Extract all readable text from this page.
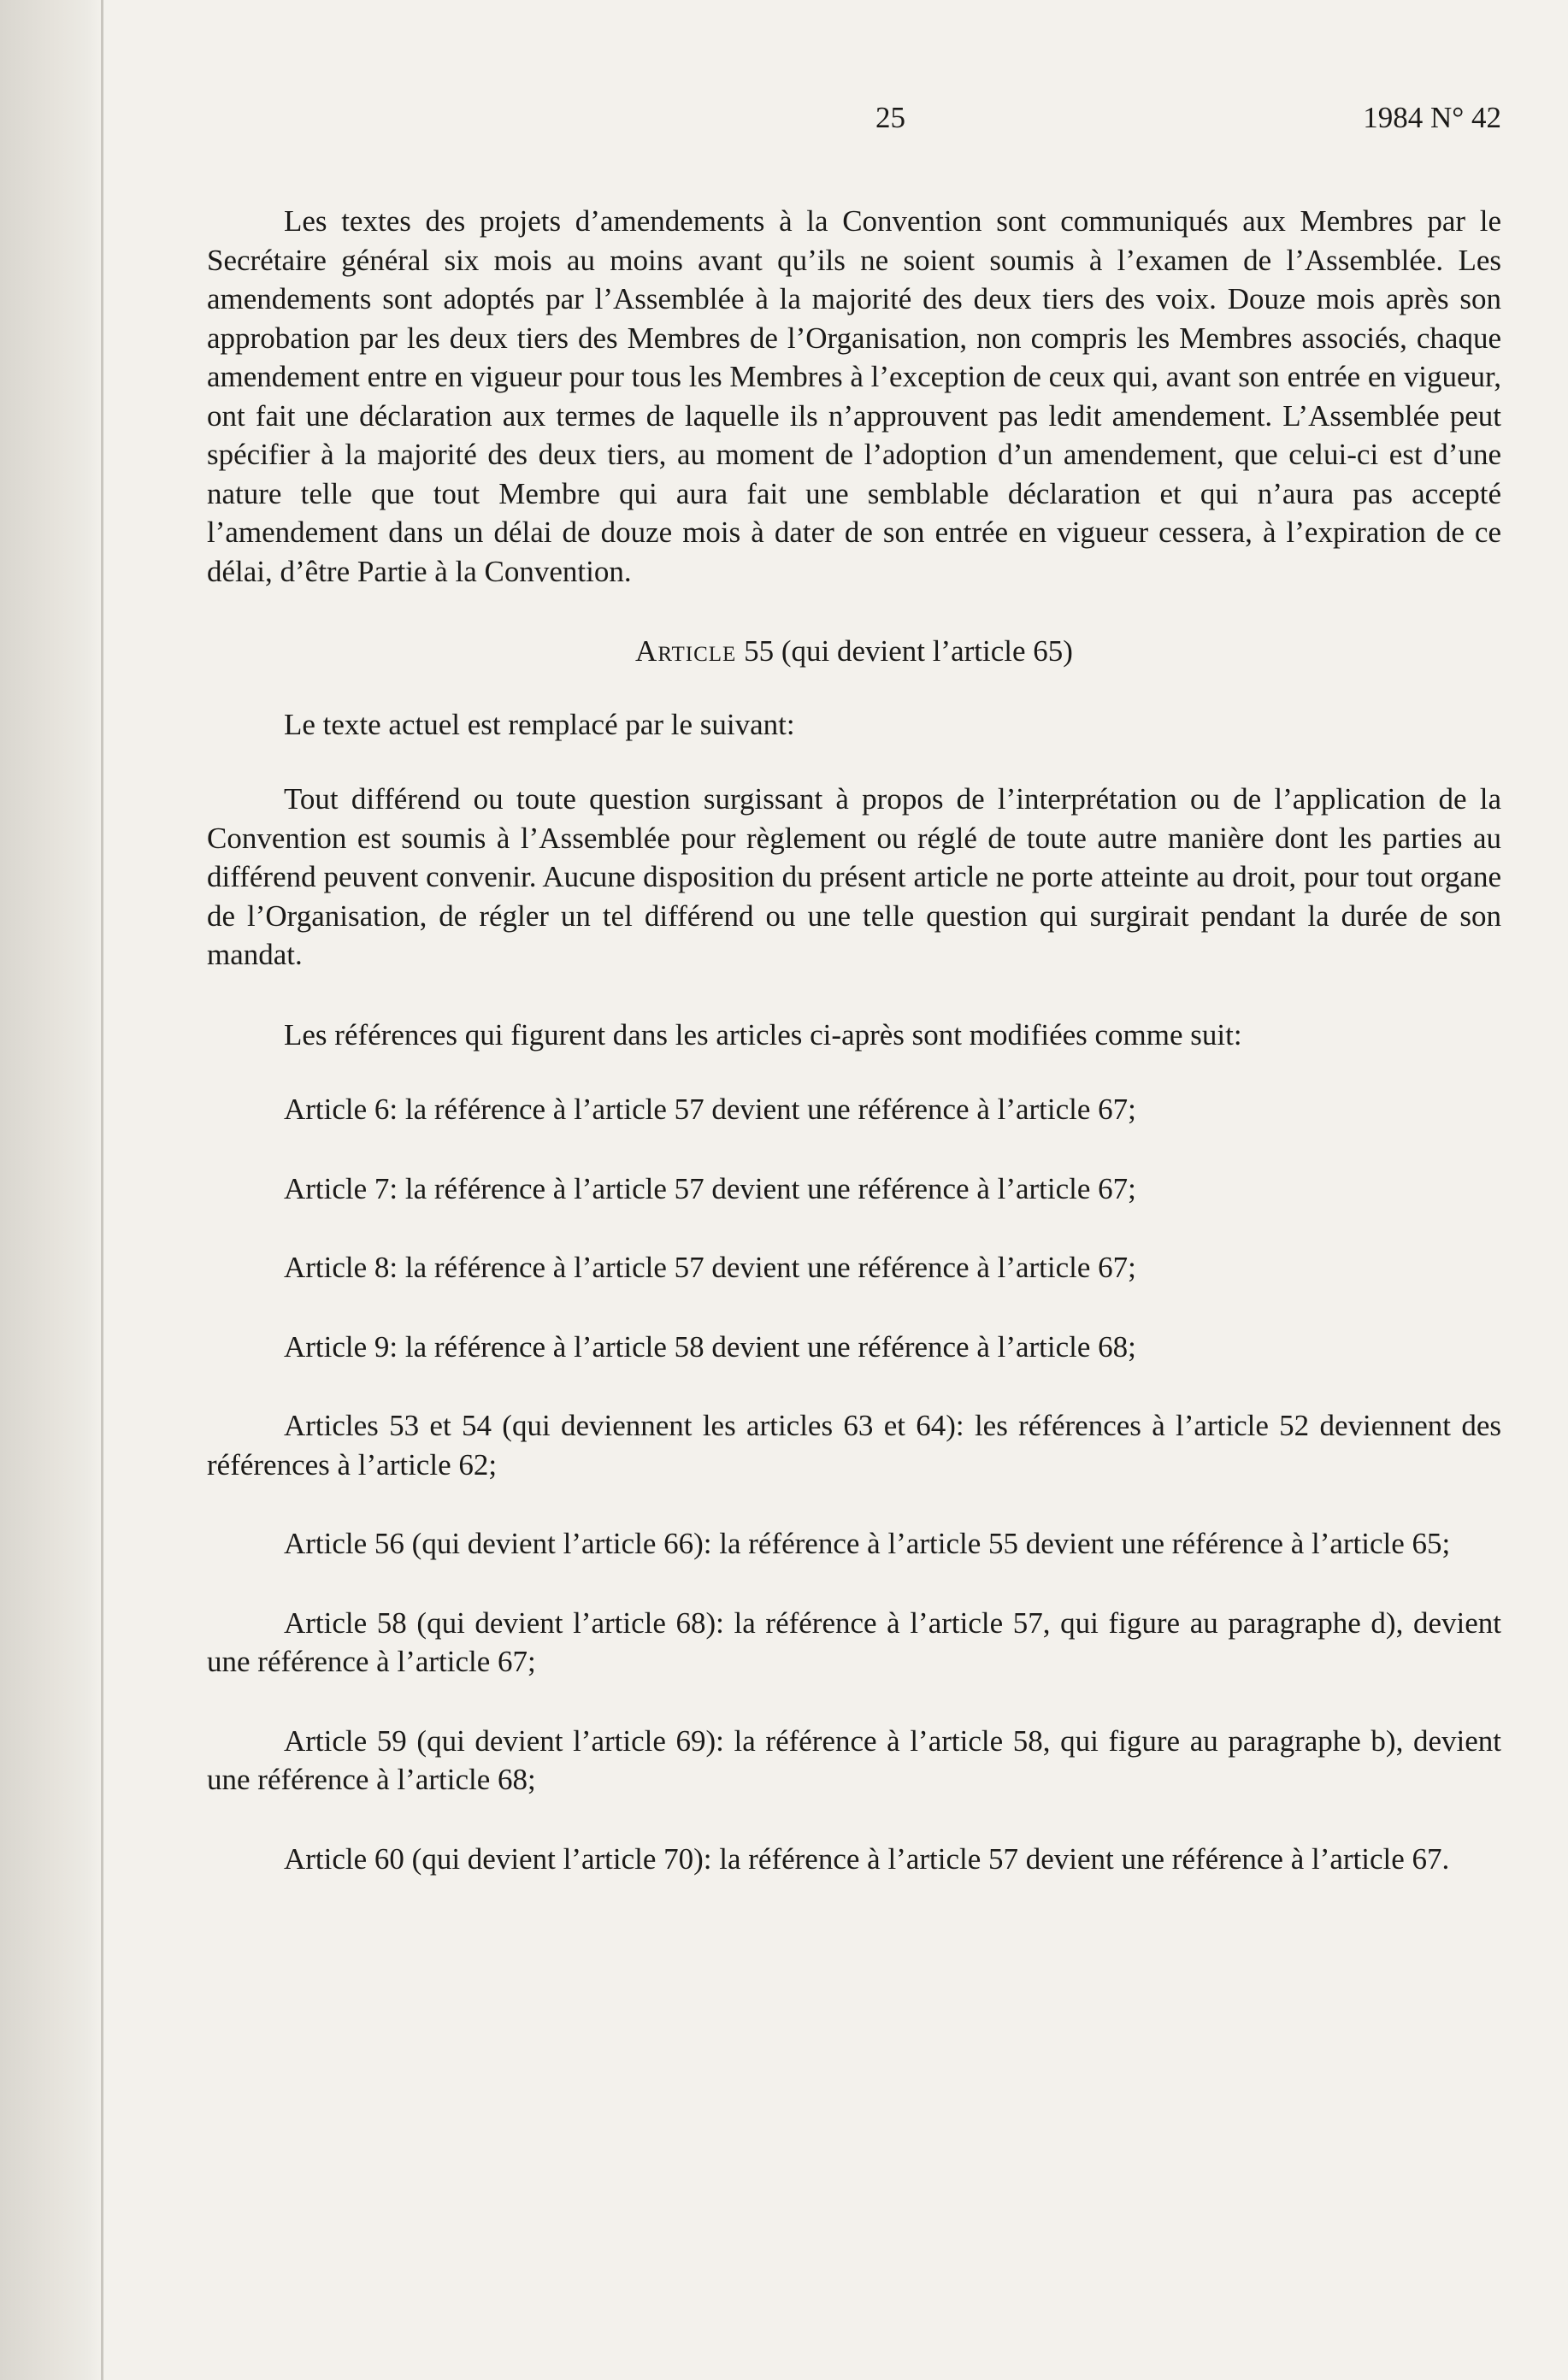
25	1984 N° 42

Les textes des projets d’amendements à la Convention sont communiqués aux Membres par le Secrétaire général six mois au moins avant qu’ils ne soient soumis à l’examen de l’Assemblée. Les amendements sont adoptés par l’Assemblée à la majorité des deux tiers des voix. Douze mois après son approbation par les deux tiers des Membres de l’Organisation, non compris les Membres associés, chaque amendement entre en vigueur pour tous les Membres à l’exception de ceux qui, avant son entrée en vigueur, ont fait une déclaration aux termes de laquelle ils n’approuvent pas ledit amendement. L’Assemblée peut spécifier à la majorité des deux tiers, au moment de l’adoption d’un amendement, que celui-ci est d’une nature telle que tout Membre qui aura fait une semblable déclaration et qui n’aura pas accepté l’amendement dans un délai de douze mois à dater de son entrée en vigueur cessera, à l’expiration de ce délai, d’être Partie à la Convention.

Article 55 (qui devient l’article 65)

Le texte actuel est remplacé par le suivant:

Tout différend ou toute question surgissant à propos de l’interprétation ou de l’application de la Convention est soumis à l’Assemblée pour règlement ou réglé de toute autre manière dont les parties au différend peuvent convenir. Aucune disposition du présent article ne porte atteinte au droit, pour tout organe de l’Organisation, de régler un tel différend ou une telle question qui surgirait pendant la durée de son mandat.

Les références qui figurent dans les articles ci-après sont modifiées comme suit:

Article 6: la référence à l’article 57 devient une référence à l’article 67;

Article 7: la référence à l’article 57 devient une référence à l’article 67;

Article 8: la référence à l’article 57 devient une référence à l’article 67;

Article 9: la référence à l’article 58 devient une référence à l’article 68;

Articles 53 et 54 (qui deviennent les articles 63 et 64): les références à l’article 52 deviennent des références à l’article 62;

Article 56 (qui devient l’article 66): la référence à l’article 55 devient une référence à l’article 65;

Article 58 (qui devient l’article 68): la référence à l’article 57, qui figure au paragraphe d), devient une référence à l’article 67;

Article 59 (qui devient l’article 69): la référence à l’article 58, qui figure au paragraphe b), devient une référence à l’article 68;

Article 60 (qui devient l’article 70): la référence à l’article 57 devient une référence à l’article 67.
